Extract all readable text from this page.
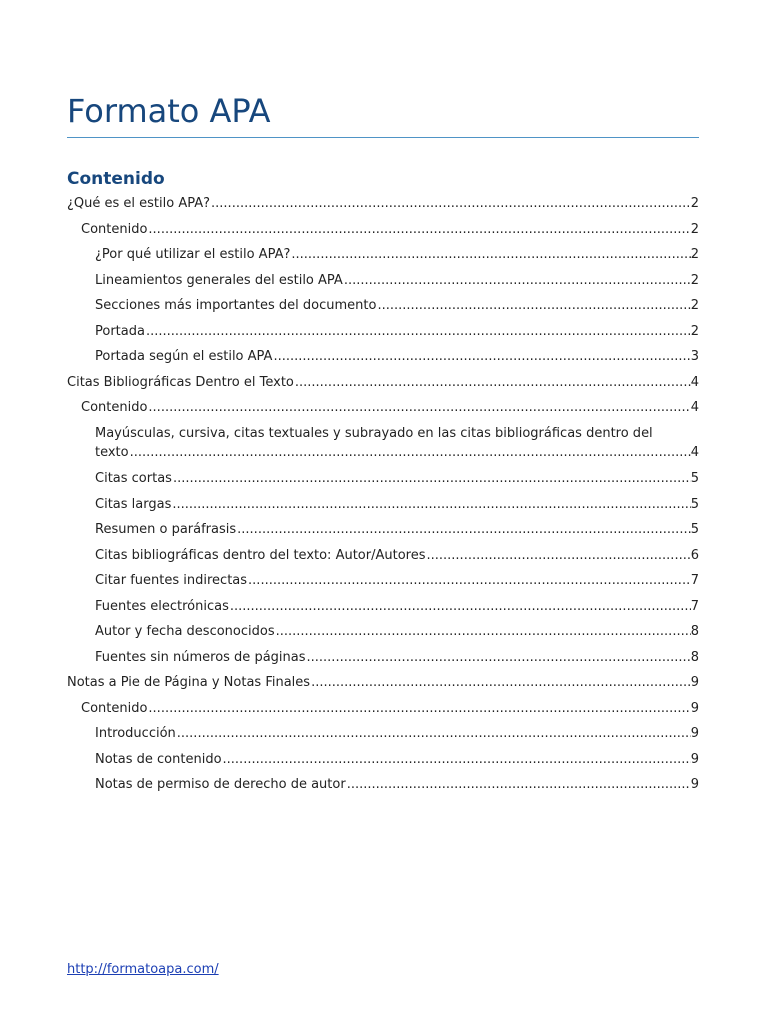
Formato APA
Contenido
¿Qué es el estilo APA? .....	2
Contenido .....	2
¿Por qué utilizar el estilo APA? .....	2
Lineamientos generales del estilo APA .....	2
Secciones más importantes del documento .....	2
Portada .....	2
Portada según el estilo APA .....	3
Citas Bibliográficas Dentro el Texto .....	4
Contenido .....	4
Mayúsculas, cursiva, citas textuales y subrayado en las citas bibliográficas dentro del
texto .....	4
Citas cortas .....	5
Citas largas .....	5
Resumen o paráfrasis .....	5
Citas bibliográficas dentro del texto: Autor/Autores .....	6
Citar fuentes indirectas .....	7
Fuentes electrónicas .....	7
Autor y fecha desconocidos .....	8
Fuentes sin números de páginas .....	8
Notas a Pie de Página y Notas Finales .....	9
Contenido .....	9
Introducción .....	9
Notas de contenido .....	9
Notas de permiso de derecho de autor .....	9
http://formatoapa.com/
